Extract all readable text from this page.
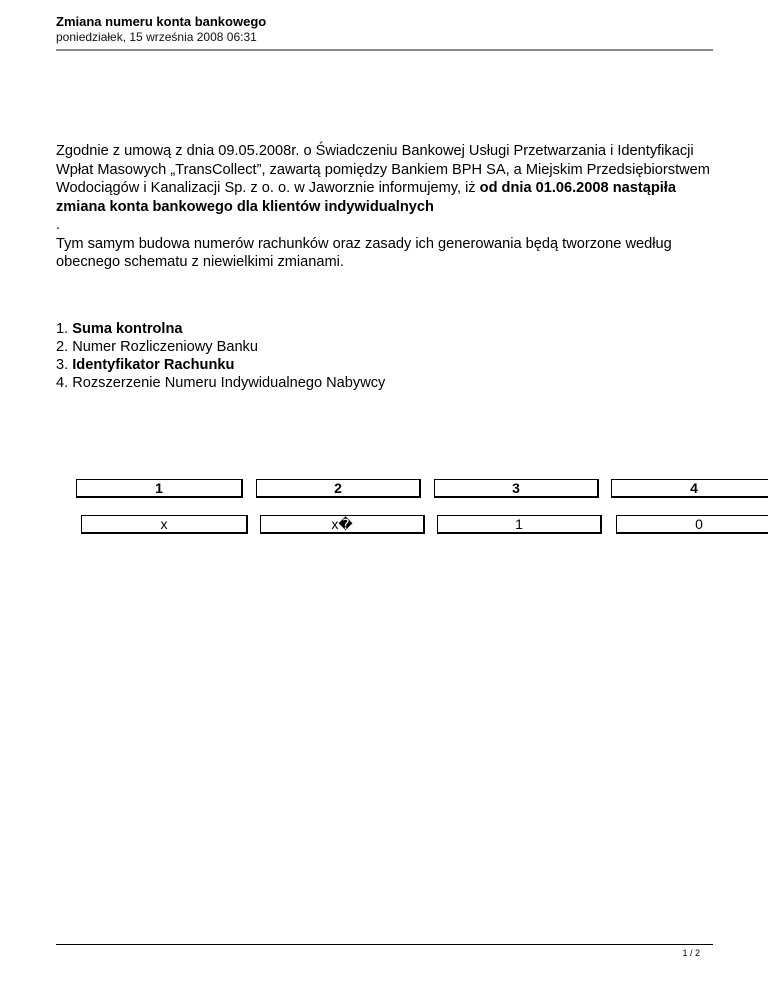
Zmiana numeru konta bankowego
poniedziałek, 15 września 2008 06:31

Zgodnie z umową z dnia 09.05.2008r. o Świadczeniu Bankowej Usługi Przetwarzania i Identyfikacji Wpłat Masowych „TransCollect”, zawartą pomiędzy Bankiem BPH SA, a Miejskim Przedsiębiorstwem Wodociągów i Kanalizacji Sp. z o. o. w Jaworznie informujemy, iż od dnia 01.06.2008 nastąpiła zmiana konta bankowego dla klientów indywidualnych

.

Tym samym budowa numerów rachunków oraz zasady ich generowania będą tworzone według obecnego schematu z niewielkimi zmianami.

1. Suma kontrolna
2. Numer Rozliczeniowy Banku
3. Identyfikator Rachunku
4. Rozszerzenie Numeru Indywidualnego Nabywcy
1	2	3	4
x	x�	1	0
1 / 2
